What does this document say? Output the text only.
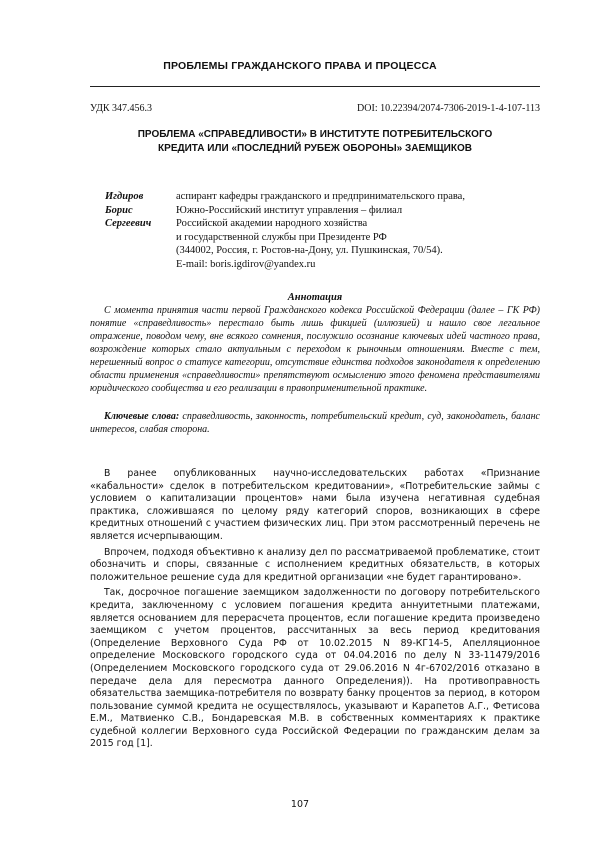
ПРОБЛЕМЫ ГРАЖДАНСКОГО ПРАВА И ПРОЦЕССА
УДК 347.456.3	DOI: 10.22394/2074-7306-2019-1-4-107-113
ПРОБЛЕМА «СПРАВЕДЛИВОСТИ» В ИНСТИТУТЕ ПОТРЕБИТЕЛЬСКОГО
КРЕДИТА ИЛИ «ПОСЛЕДНИЙ РУБЕЖ ОБОРОНЫ» ЗАЕМЩИКОВ
Игдиров
Борис
Сергеевич
аспирант кафедры гражданского и предпринимательского права,
Южно-Российский институт управления – филиал
Российской академии народного хозяйства
и государственной службы при Президенте РФ
(344002, Россия, г. Ростов-на-Дону, ул. Пушкинская, 70/54).
E-mail: boris.igdirov@yandex.ru
Аннотация
С момента принятия части первой Гражданского кодекса Российской Федерации (далее – ГК РФ) понятие «справедливость» перестало быть лишь фикцией (иллюзией) и нашло свое легальное отражение, поводом чему, вне всякого сомнения, послужило осознание ключевых идей частного права, возрождение которых стало актуальным с переходом к рыночным отношениям. Вместе с тем, нерешенный вопрос о статусе категории, отсутствие единства подходов законодателя к определению области применения «справедливости» препятствуют осмыслению этого феномена представителями юридического сообщества и его реализации в правоприменительной практике.
Ключевые слова: справедливость, законность, потребительский кредит, суд, законодатель, баланс интересов, слабая сторона.

В ранее опубликованных научно-исследовательских работах «Признание «кабальности» сделок в потребительском кредитовании», «Потребительские займы с условием о капитализации процентов» нами была изучена негативная судебная практика, сложившаяся по целому ряду категорий споров, возникающих в сфере кредитных отношений с участием физических лиц. При этом рассмотренный перечень не является исчерпывающим.

Впрочем, подходя объективно к анализу дел по рассматриваемой проблематике, стоит обозначить и споры, связанные с исполнением кредитных обязательств, в которых положительное решение суда для кредитной организации «не будет гарантировано».

Так, досрочное погашение заемщиком задолженности по договору потребительского кредита, заключенному с условием погашения кредита аннуитетными платежами, является основанием для перерасчета процентов, если погашение кредита произведено заемщиком с учетом процентов, рассчитанных за весь период кредитования (Определение Верховного Суда РФ от 10.02.2015 N 89-КГ14-5, Апелляционное определение Московского городского суда от 04.04.2016 по делу N 33-11479/2016 (Определением Московского городского суда от 29.06.2016 N 4г-6702/2016 отказано в передаче дела для пересмотра данного Определения)). На противоправность обязательства заемщика-потребителя по возврату банку процентов за период, в котором пользование суммой кредита не осуществлялось, указывают и Карапетов А.Г., Фетисова Е.М., Матвиенко С.В., Бондаревская М.В. в собственных комментариях к практике судебной коллегии Верховного суда Российской Федерации по гражданским делам за 2015 год [1].

107
